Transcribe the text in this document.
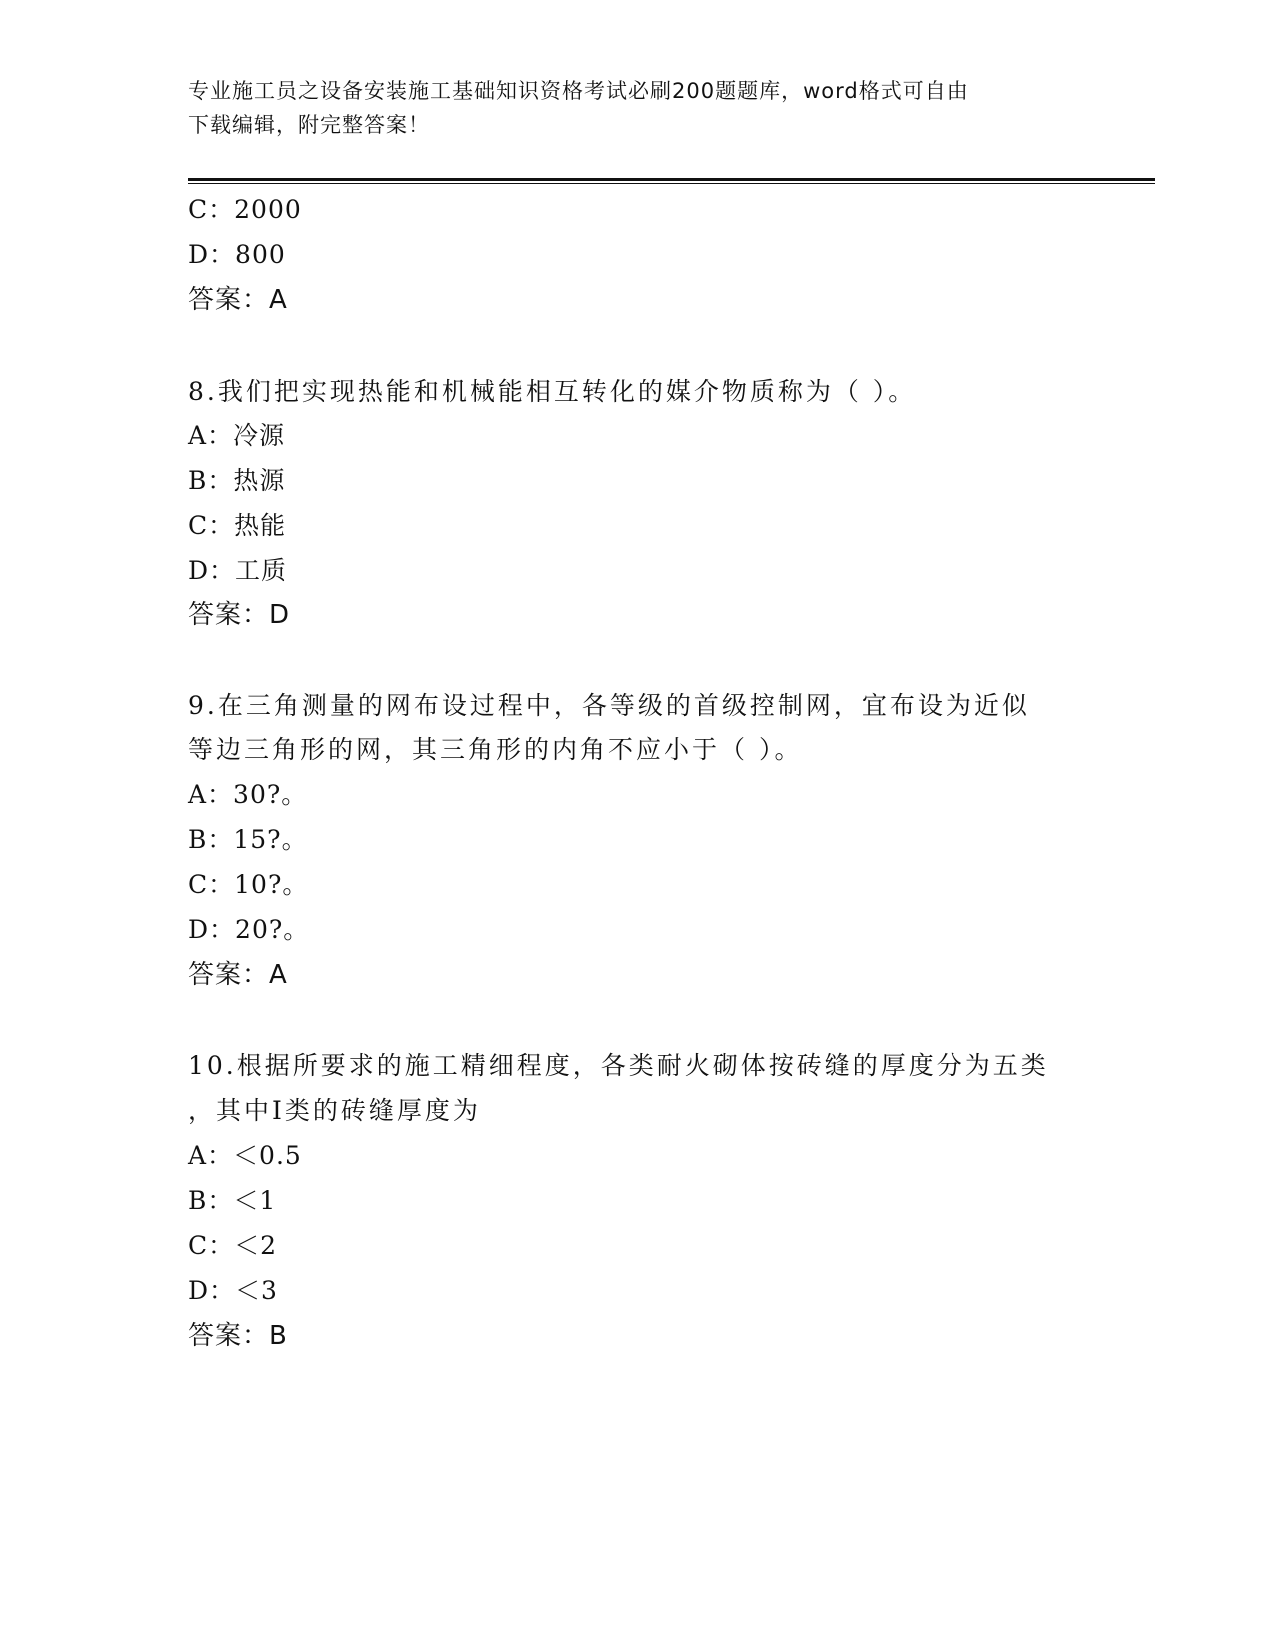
专业施工员之设备安装施工基础知识资格考试必刷200题题库，word格式可自由
下载编辑，附完整答案！
C：2000
D：800
答案：A
8.我们把实现热能和机械能相互转化的媒介物质称为（ ）。
A：冷源
B：热源
C：热能
D：工质
答案：D
9.在三角测量的网布设过程中，各等级的首级控制网，宜布设为近似
等边三角形的网，其三角形的内角不应小于（ ）。
A：30?。
B：15?。
C：10?。
D：20?。
答案：A
10.根据所要求的施工精细程度，各类耐火砌体按砖缝的厚度分为五类
，其中Ⅰ类的砖缝厚度为
A：＜0.5
B：＜1
C：＜2
D：＜3
答案：B
